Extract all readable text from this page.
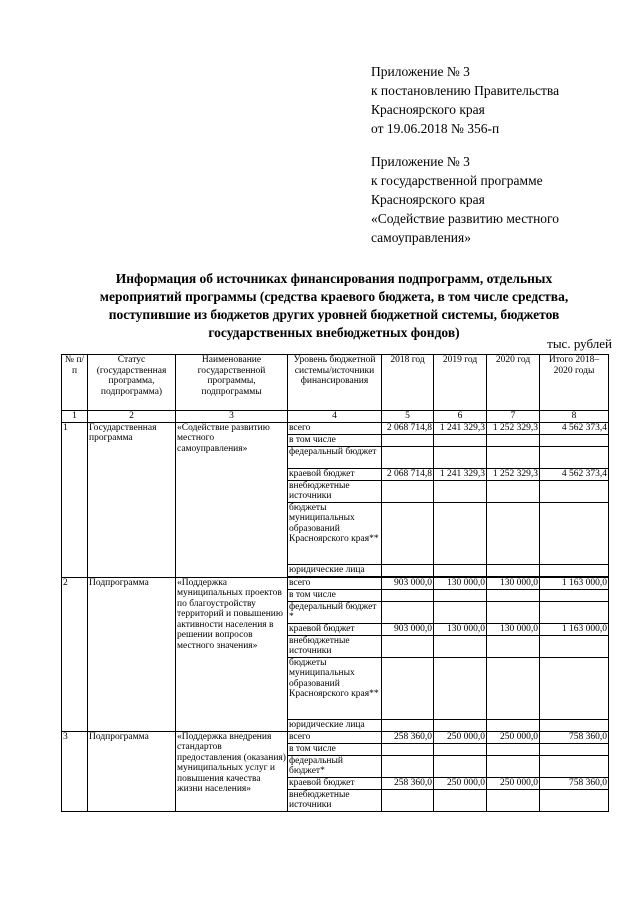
Приложение № 3
к постановлению Правительства
Красноярского края
от 19.06.2018 № 356-п
Приложение № 3
к государственной программе
Красноярского края
«Содействие развитию местного
самоуправления»
Информация об источниках финансирования подпрограмм, отдельных
мероприятий программы (средства краевого бюджета, в том числе средства,
поступившие из бюджетов других уровней бюджетной системы, бюджетов
государственных внебюджетных фондов)
тыс. рублей
№ п/п	Статус (государственная программа, подпрограмма)	Наименование государственной программы, подпрограммы	Уровень бюджетной системы/источники финансирования	2018 год	2019 год	2020 год	Итого 2018–2020 годы
1	2	3	4	5	6	7	8
1	Государственная программа	«Содействие развитию местного самоуправления»	всего	2 068 714,8	1 241 329,3	1 252 329,3	4 562 373,4
			в том числе				
			федеральный бюджет				
			краевой бюджет	2 068 714,8	1 241 329,3	1 252 329,3	4 562 373,4
			внебюджетные источники				
			бюджеты муниципальных образований Красноярского края**				
			юридические лица				

2	Подпрограмма	«Поддержка муниципальных проектов по благоустройству территорий и повышению активности населения в решении вопросов местного значения»	всего	903 000,0	130 000,0	130 000,0	1 163 000,0
			в том числе				
			федеральный бюджет *				
			краевой бюджет	903 000,0	130 000,0	130 000,0	1 163 000,0
			внебюджетные источники				
			бюджеты муниципальных образований Красноярского края**				
			юридические лица				
3	Подпрограмма	«Поддержка внедрения стандартов предоставления (оказания) муниципальных услуг и повышения качества жизни населения»	всего	258 360,0	250 000,0	250 000,0	758 360,0
			в том числе				
			федеральный бюджет*				
			краевой бюджет	258 360,0	250 000,0	250 000,0	758 360,0
			внебюджетные источники				
